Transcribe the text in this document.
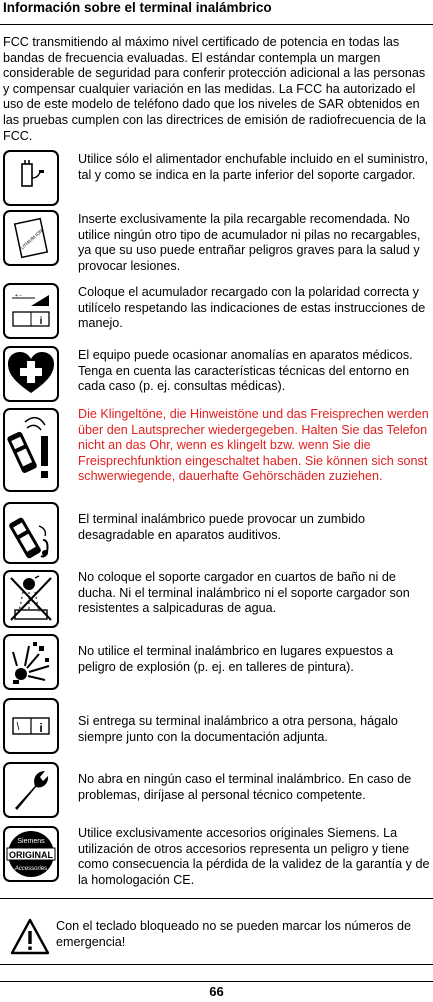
Información sobre el terminal inalámbrico
FCC transmitiendo al máximo nivel certificado de potencia en todas las bandas de frecuencia evaluadas. El estándar contempla un margen considerable de seguridad para conferir protección adicional a las personas y compensar cualquier variación en las medidas. La FCC ha autorizado el uso de este modelo de teléfono dado que los niveles de SAR obtenidos en las pruebas cumplen con las directrices de emisión de radiofrecuencia de la FCC.
Utilice sólo el alimentador enchufable incluido en el suministro, tal y como se indica en la parte inferior del soporte cargador.
LITHIUM ION
Inserte exclusivamente la pila recargable recomendada. No utilice ningún otro tipo de acumulador ni pilas no recargables, ya que su uso puede entrañar peligros graves para la salud y provocar lesiones.
+ −
i
Coloque el acumulador recargado con la polaridad correcta y utilícelo respetando las indicaciones de estas instrucciones de manejo.
El equipo puede ocasionar anomalías en aparatos médicos. Tenga en cuenta las características técnicas del entorno en cada caso (p. ej. consultas médicas).
Die Klingeltöne, die Hinweistöne und das Freisprechen werden über den Lautsprecher wiedergegeben. Halten Sie das Telefon nicht an das Ohr, wenn es klingelt bzw. wenn Sie die Freisprechfunktion eingeschaltet haben. Sie können sich sonst schwerwiegende, dauerhafte Gehörschäden zuziehen.
El terminal inalámbrico puede provocar un zumbido desagradable en aparatos auditivos.
No coloque el soporte cargador en cuartos de baño ni de ducha. Ni el terminal inalámbrico ni el soporte cargador son resistentes a salpicaduras de agua.
No utilice el terminal inalámbrico en lugares expuestos a peligro de explosión (p. ej. en talleres de pintura).
i	Si entrega su terminal inalámbrico a otra persona, hágalo siempre junto con la documentación adjunta.
No abra en ningún caso el terminal inalámbrico. En caso de problemas, diríjase al personal técnico competente.
ORIGINAL
Siemens
Accessories
Utilice exclusivamente accesorios originales Siemens. La utilización de otros accesorios representa un peligro y tiene como consecuencia la pérdida de la validez de la garantía y de la homologación CE.
Con el teclado bloqueado no se pueden marcar los números de emergencia!
66
